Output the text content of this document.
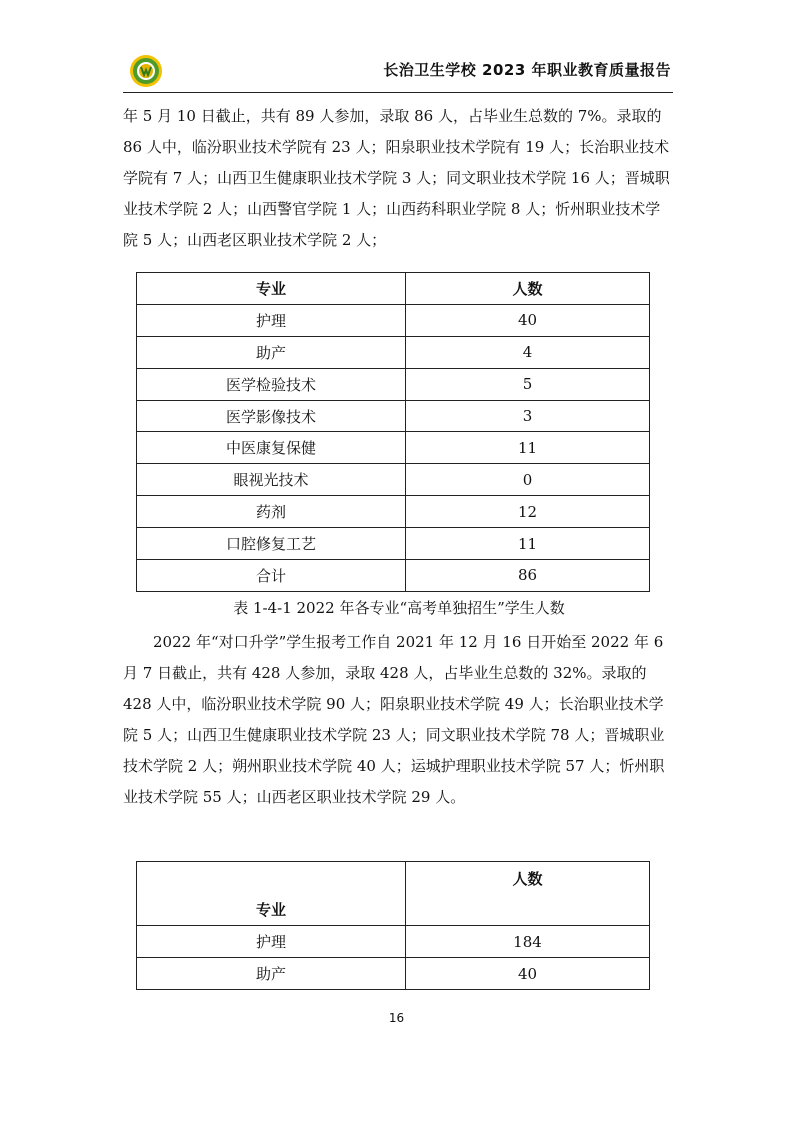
长治卫生学校 2023 年职业教育质量报告

年 5 月 10 日截止，共有 89 人参加，录取 86 人，占毕业生总数的 7%。录取的 86 人中，临汾职业技术学院有 23 人；阳泉职业技术学院有 19 人；长治职业技术学院有 7 人；山西卫生健康职业技术学院 3 人；同文职业技术学院 16 人；晋城职业技术学院 2 人；山西警官学院 1 人；山西药科职业学院 8 人；忻州职业技术学院 5 人；山西老区职业技术学院 2 人；

专业	人数
护理	40
助产	4
医学检验技术	5
医学影像技术	3
中医康复保健	11
眼视光技术	0
药剂	12
口腔修复工艺	11
合计	86
表 1-4-1 2022 年各专业“高考单独招生”学生人数

2022 年“对口升学”学生报考工作自 2021 年 12 月 16 日开始至 2022 年 6 月 7 日截止，共有 428 人参加，录取 428 人，占毕业生总数的 32%。录取的 428 人中，临汾职业技术学院 90 人；阳泉职业技术学院 49 人；长治职业技术学院 5 人；山西卫生健康职业技术学院 23 人；同文职业技术学院 78 人；晋城职业技术学院 2 人；朔州职业技术学院 40 人；运城护理职业技术学院 57 人；忻州职业技术学院 55 人；山西老区职业技术学院 29 人。

专业	人数
护理	184
助产	40
16
